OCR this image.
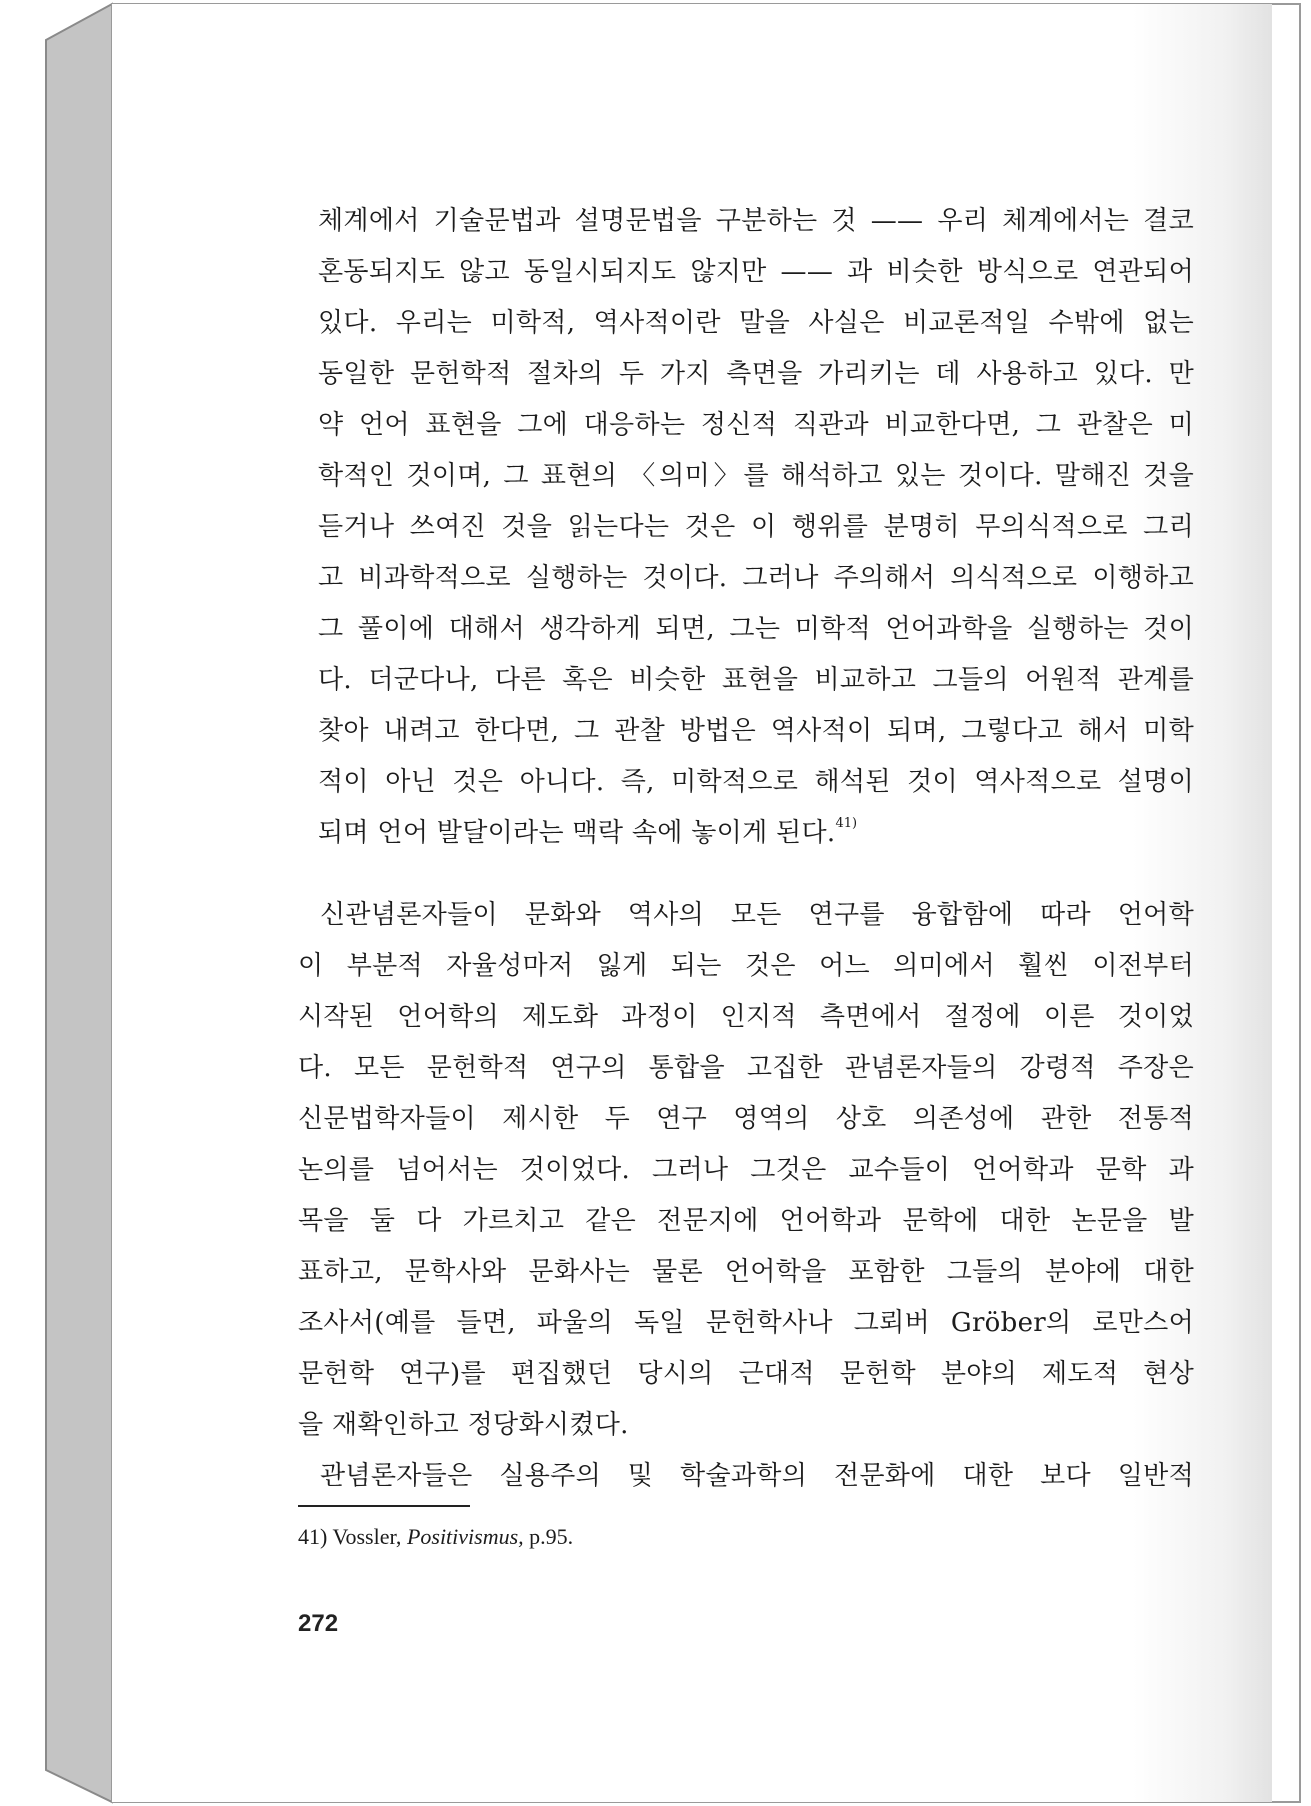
체계에서 기술문법과 설명문법을 구분하는 것 —— 우리 체계에서는 결코
혼동되지도 않고 동일시되지도 않지만 —— 과 비슷한 방식으로 연관되어
있다. 우리는 미학적, 역사적이란 말을 사실은 비교론적일 수밖에 없는
동일한 문헌학적 절차의 두 가지 측면을 가리키는 데 사용하고 있다. 만
약 언어 표현을 그에 대응하는 정신적 직관과 비교한다면, 그 관찰은 미
학적인 것이며, 그 표현의 〈의미〉를 해석하고 있는 것이다. 말해진 것을
듣거나 쓰여진 것을 읽는다는 것은 이 행위를 분명히 무의식적으로 그리
고 비과학적으로 실행하는 것이다. 그러나 주의해서 의식적으로 이행하고
그 풀이에 대해서 생각하게 되면, 그는 미학적 언어과학을 실행하는 것이
다. 더군다나, 다른 혹은 비슷한 표현을 비교하고 그들의 어원적 관계를
찾아 내려고 한다면, 그 관찰 방법은 역사적이 되며, 그렇다고 해서 미학
적이 아닌 것은 아니다. 즉, 미학적으로 해석된 것이 역사적으로 설명이
되며 언어 발달이라는 맥락 속에 놓이게 된다.$^{41)}$
신관념론자들이 문화와 역사의 모든 연구를 융합함에 따라 언어학
이 부분적 자율성마저 잃게 되는 것은 어느 의미에서 훨씬 이전부터
시작된 언어학의 제도화 과정이 인지적 측면에서 절정에 이른 것이었
다. 모든 문헌학적 연구의 통합을 고집한 관념론자들의 강령적 주장은
신문법학자들이 제시한 두 연구 영역의 상호 의존성에 관한 전통적
논의를 넘어서는 것이었다. 그러나 그것은 교수들이 언어학과 문학 과
목을 둘 다 가르치고 같은 전문지에 언어학과 문학에 대한 논문을 발
표하고, 문학사와 문화사는 물론 언어학을 포함한 그들의 분야에 대한
조사서(예를 들면, 파울의 독일 문헌학사나 그뢰버 Gröber의 로만스어
문헌학 연구)를 편집했던 당시의 근대적 문헌학 분야의 제도적 현상
을 재확인하고 정당화시켰다.
관념론자들은 실용주의 및 학술과학의 전문화에 대한 보다 일반적
41) Vossler, Positivismus, p.95.
272
